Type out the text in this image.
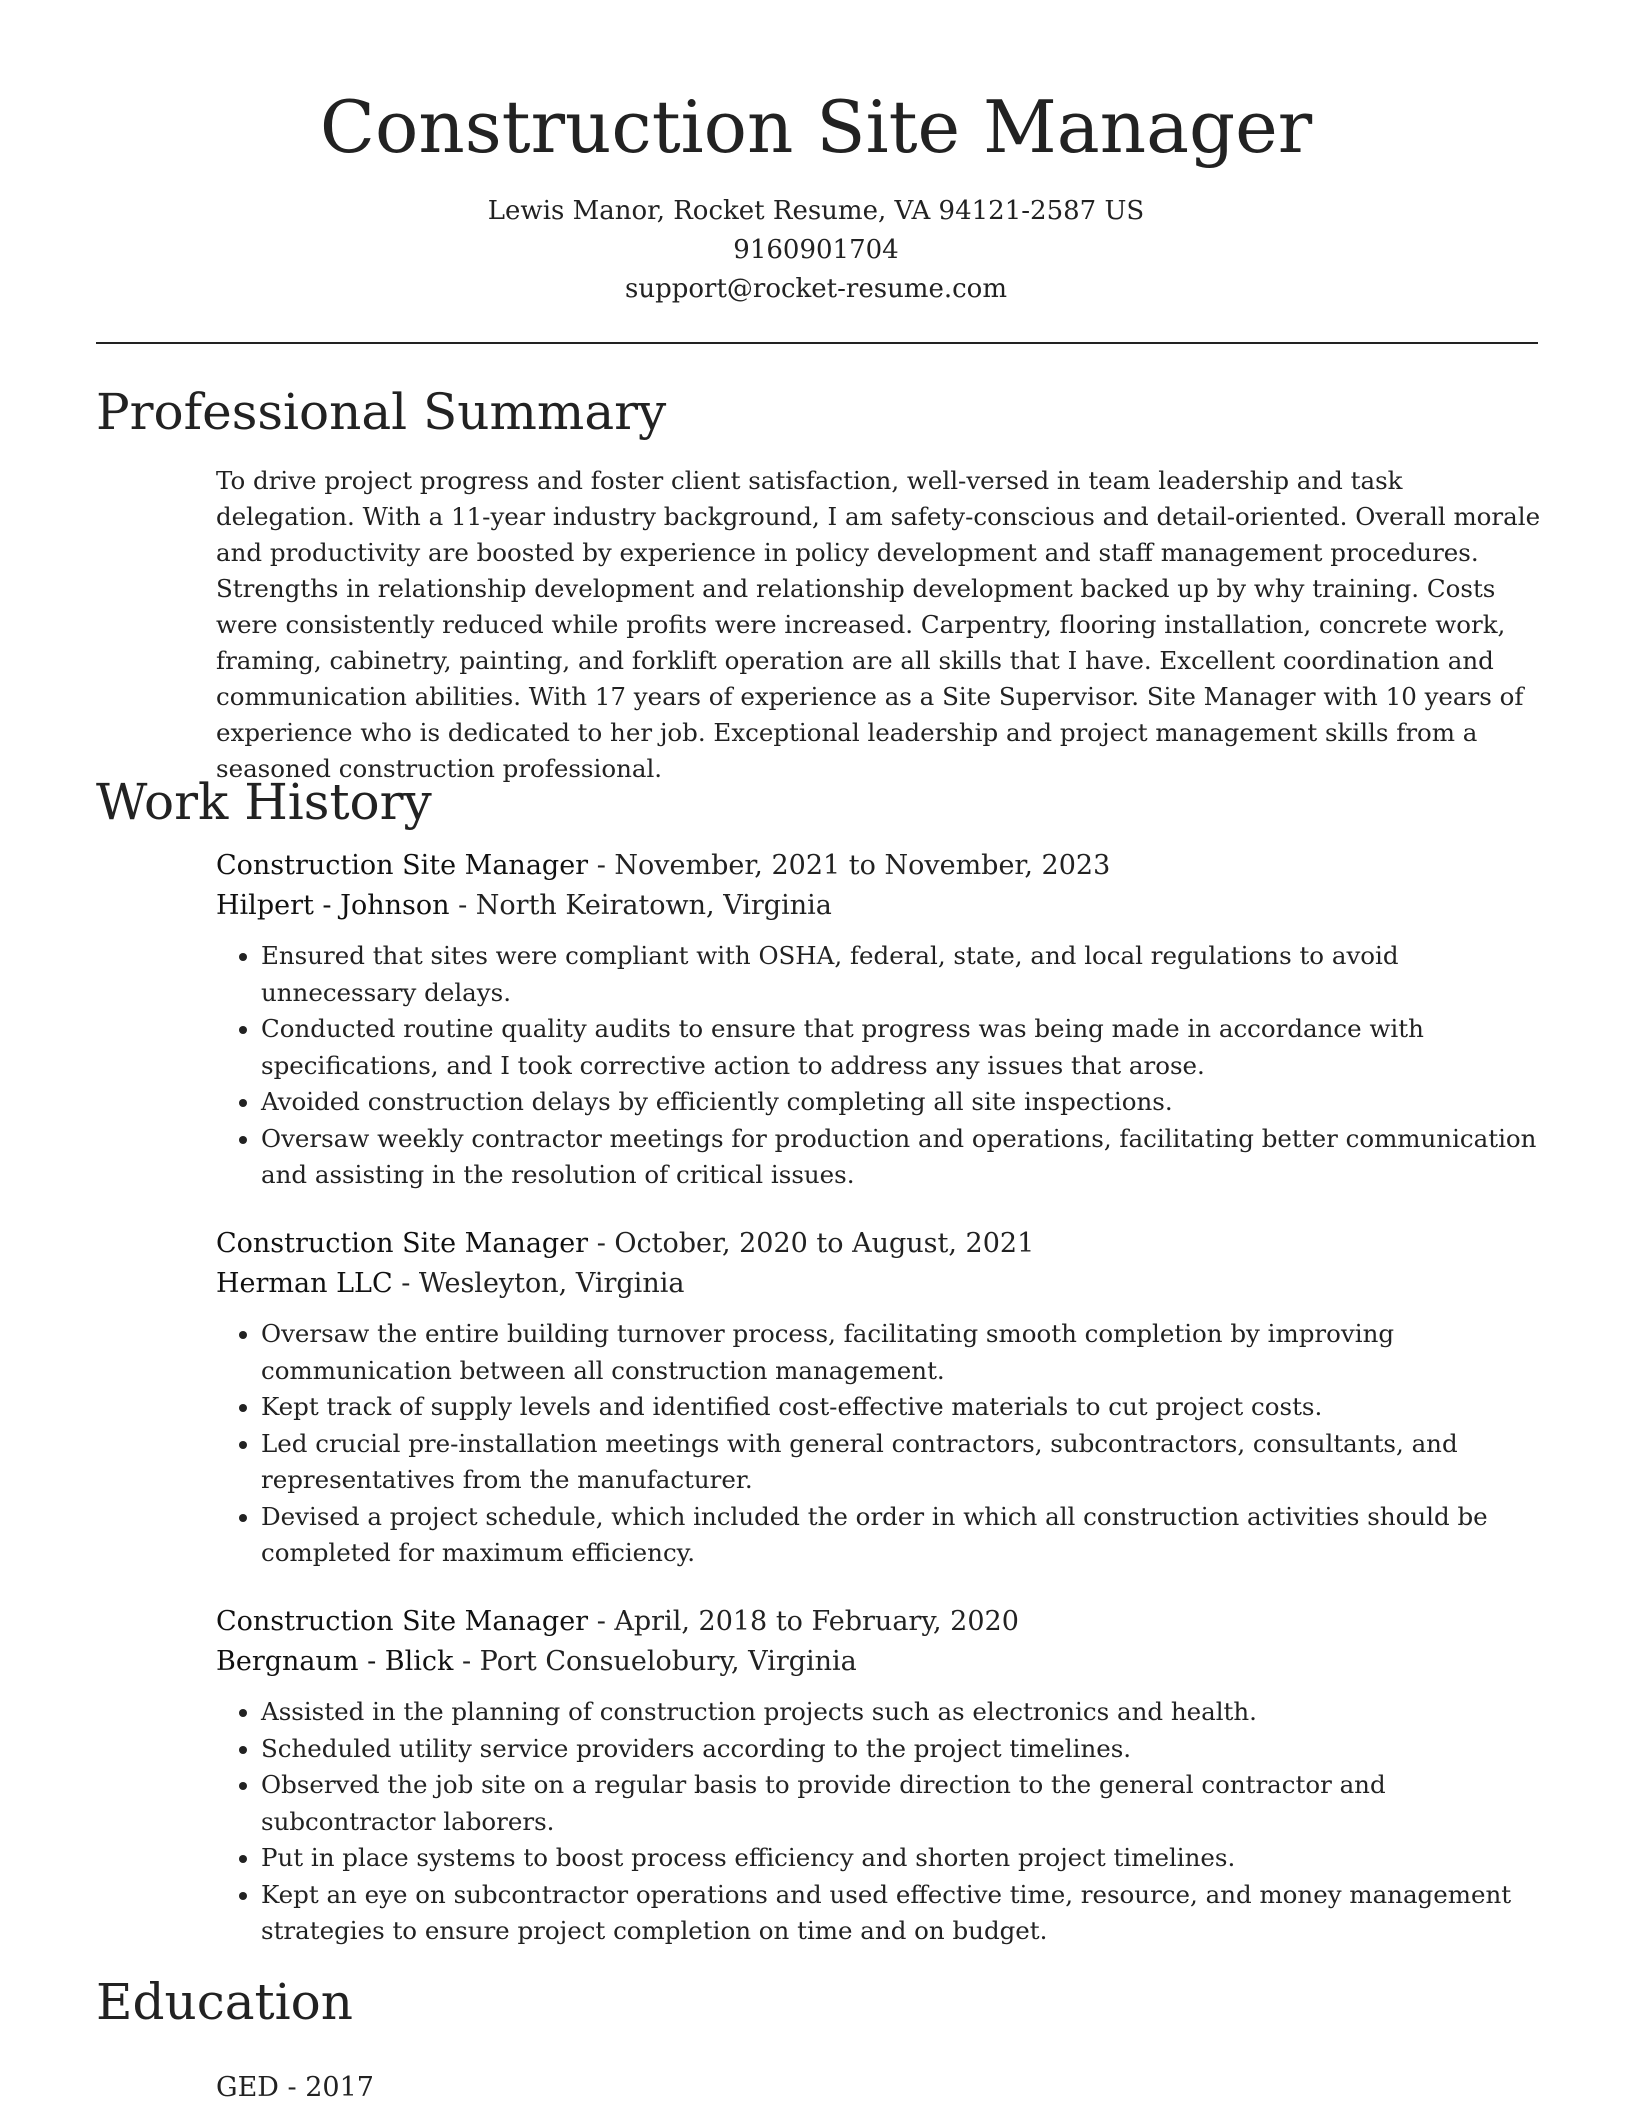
Construction Site Manager
Lewis Manor, Rocket Resume, VA 94121-2587 US
9160901704
support@rocket-resume.com
Professional Summary

To drive project progress and foster client satisfaction, well-versed in team leadership and task delegation. With a 11-year industry background, I am safety-conscious and detail-oriented. Overall morale and productivity are boosted by experience in policy development and staff management procedures. Strengths in relationship development and relationship development backed up by why training. Costs were consistently reduced while profits were increased. Carpentry, flooring installation, concrete work, framing, cabinetry, painting, and forklift operation are all skills that I have. Excellent coordination and communication abilities. With 17 years of experience as a Site Supervisor. Site Manager with 10 years of experience who is dedicated to her job. Exceptional leadership and project management skills from a seasoned construction professional.

Work History

Construction Site Manager - November, 2021 to November, 2023

Hilpert - Johnson - North Keiratown, Virginia

• Ensured that sites were compliant with OSHA, federal, state, and local regulations to avoid unnecessary delays.
• Conducted routine quality audits to ensure that progress was being made in accordance with specifications, and I took corrective action to address any issues that arose.
• Avoided construction delays by efficiently completing all site inspections.
• Oversaw weekly contractor meetings for production and operations, facilitating better communication and assisting in the resolution of critical issues.

Construction Site Manager - October, 2020 to August, 2021

Herman LLC - Wesleyton, Virginia

• Oversaw the entire building turnover process, facilitating smooth completion by improving communication between all construction management.
• Kept track of supply levels and identified cost-effective materials to cut project costs.
• Led crucial pre-installation meetings with general contractors, subcontractors, consultants, and representatives from the manufacturer.
• Devised a project schedule, which included the order in which all construction activities should be completed for maximum efficiency.

Construction Site Manager - April, 2018 to February, 2020

Bergnaum - Blick - Port Consuelobury, Virginia

• Assisted in the planning of construction projects such as electronics and health.
• Scheduled utility service providers according to the project timelines.
• Observed the job site on a regular basis to provide direction to the general contractor and subcontractor laborers.
• Put in place systems to boost process efficiency and shorten project timelines.
• Kept an eye on subcontractor operations and used effective time, resource, and money management strategies to ensure project completion on time and on budget.
Education

GED - 2017
